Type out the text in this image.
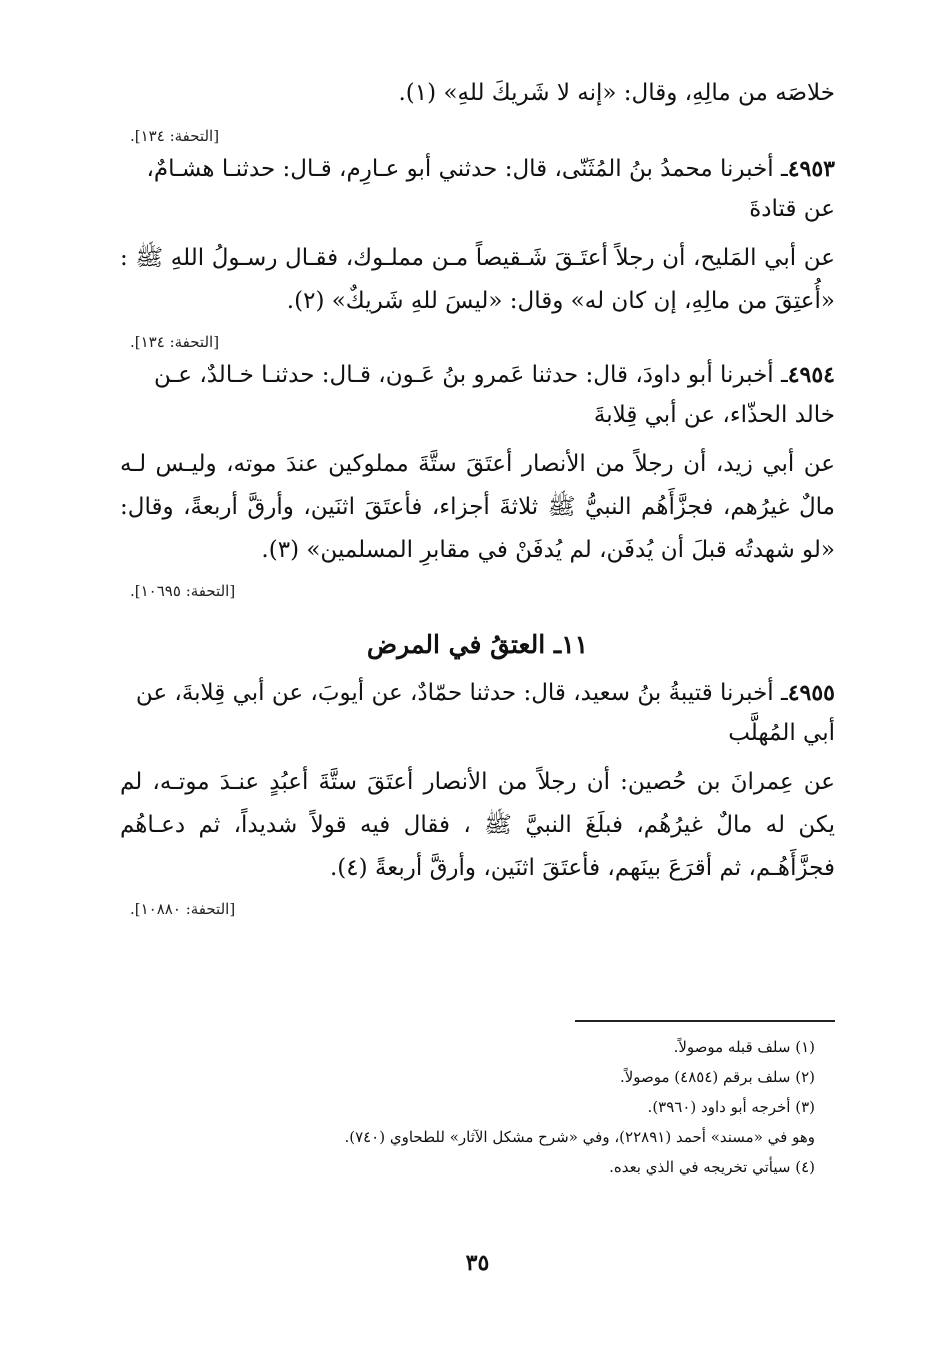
خلاصَه من مالِهِ، وقال: «إنه لا شَريكَ للهِ» (١).

[التحفة: ١٣٤].

٤٩٥٣ـ أخبرنا محمدُ بنُ المُثَنّى، قال: حدثني أبو عـارِم، قـال: حدثنـا هشـامٌ، عن قتادةَ

عن أبي المَليح، أن رجلاً أعتَـقَ شَـقيصاً مـن مملـوك، فقـال رسـولُ اللهِ ﷺ : «أُعتِقَ من مالِهِ، إن كان له» وقال: «ليسَ للهِ شَريكٌ» (٢).

[التحفة: ١٣٤].

٤٩٥٤ـ أخبرنا أبو داودَ، قال: حدثنا عَمرو بنُ عَـون، قـال: حدثنـا خـالدٌ، عـن خالد الحذّاء، عن أبي قِلابةَ

عن أبي زيد، أن رجلاً من الأنصار أعتَقَ ستَّةَ مملوكين عندَ موته، وليـس لـه مالٌ غيرُهم، فجزَّأَهُم النبيُّ ﷺ ثلاثةَ أجزاء، فأعتَقَ اثنَين، وأرقَّ أربعةً، وقال: «لو شهدتُه قبلَ أن يُدفَن، لم يُدفَنْ في مقابرِ المسلمين» (٣).

[التحفة: ١٠٦٩٥].
١١ـ العتقُ في المرض

٤٩٥٥ـ أخبرنا قتيبةُ بنُ سعيد، قال: حدثنا حمّادٌ، عن أيوبَ، عن أبي قِلابةَ، عن أبي المُهلَّب

عن عِمرانَ بن حُصين: أن رجلاً من الأنصار أعتَقَ ستَّةَ أعبُدٍ عنـدَ موتـه، لم يكن له مالٌ غيرُهُم، فبلَغَ النبيَّ ﷺ ، فقال فيه قولاً شديداً، ثم دعـاهُم فجزَّأَهُـم، ثم أقرَعَ بينَهم، فأعتَقَ اثنَين، وأرقَّ أربعةً (٤).

[التحفة: ١٠٨٨٠].

(١) سلف قبله موصولاً.

(٢) سلف برقم (٤٨٥٤) موصولاً.

(٣) أخرجه أبو داود (٣٩٦٠).

وهو في «مسند» أحمد (٢٢٨٩١)، وفي «شرح مشكل الآثار» للطحاوي (٧٤٠).

(٤) سيأتي تخريجه في الذي بعده.

٣٥
